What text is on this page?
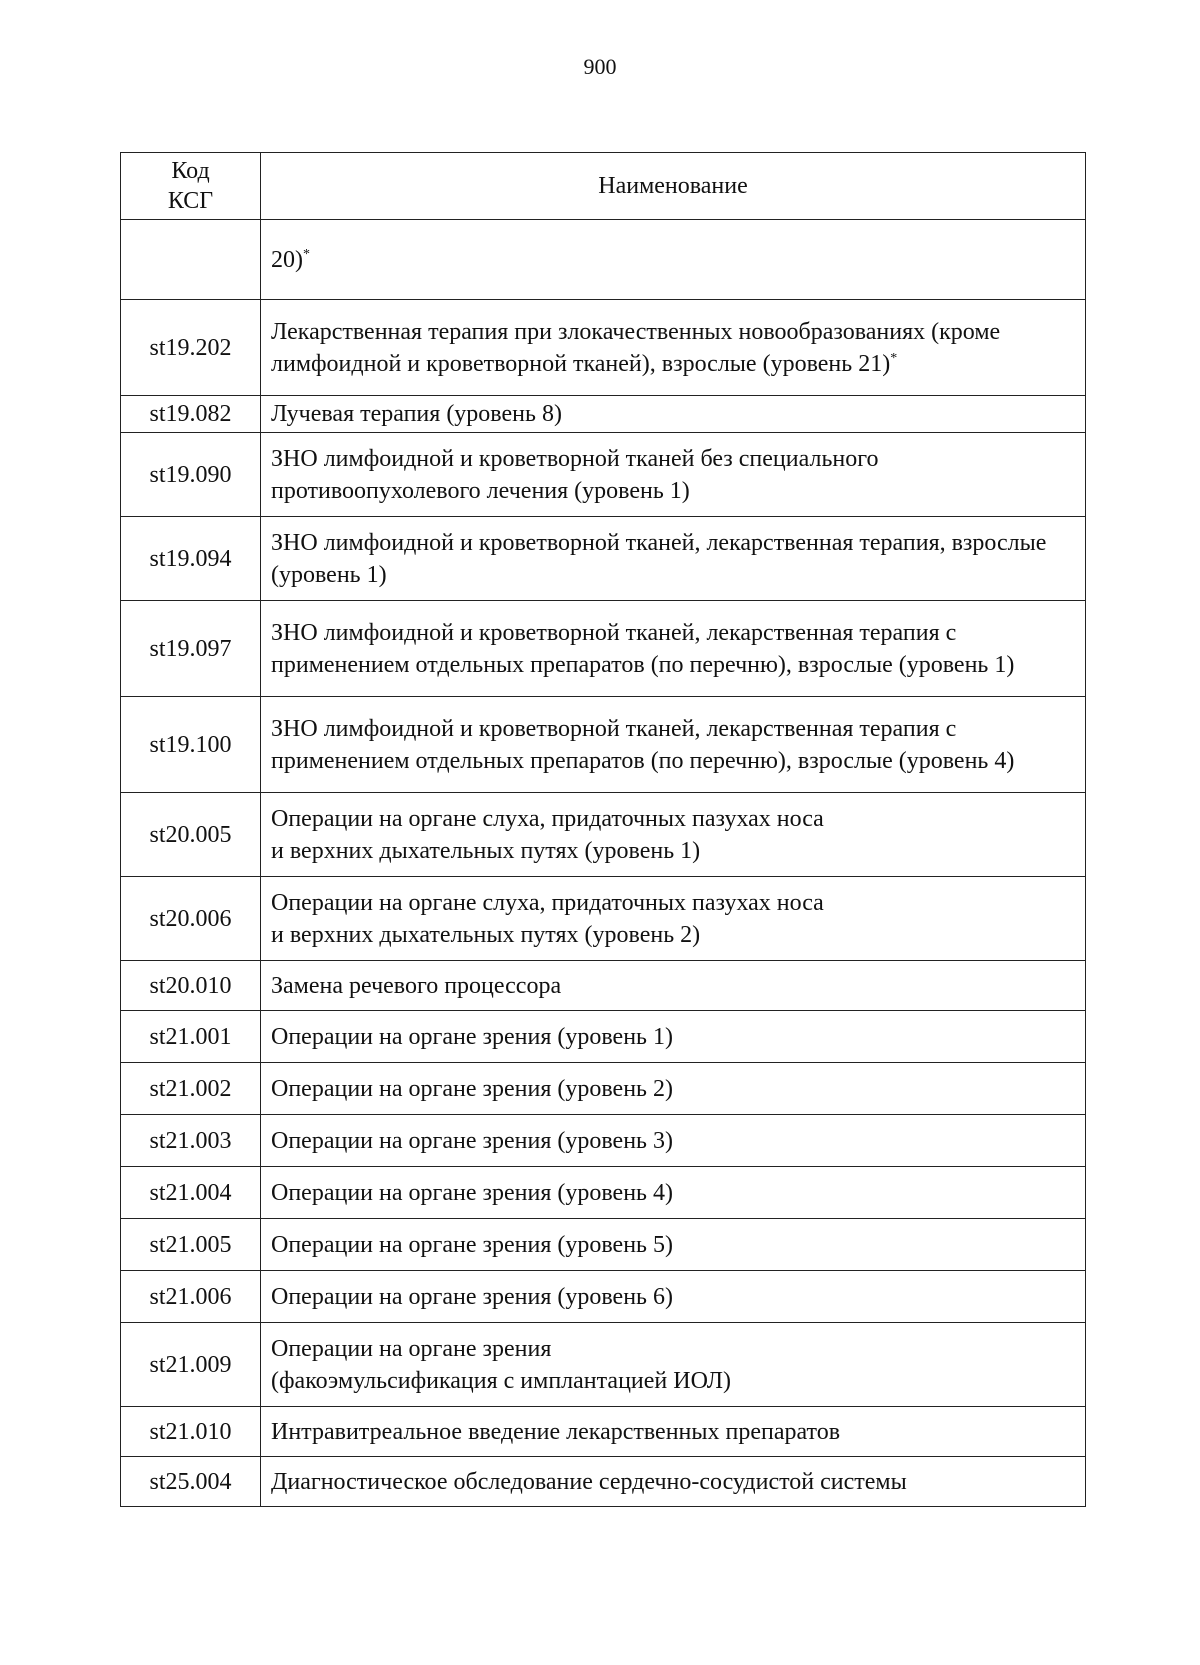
900
Код
КСГ	Наименование
	20)*
st19.202	Лекарственная терапия при злокачественных новообразованиях (кроме лимфоидной и кроветворной тканей), взрослые (уровень 21)*
st19.082	Лучевая терапия (уровень 8)
st19.090	ЗНО лимфоидной и кроветворной тканей без специального противоопухолевого лечения (уровень 1)
st19.094	ЗНО лимфоидной и кроветворной тканей, лекарственная терапия, взрослые (уровень 1)
st19.097	ЗНО лимфоидной и кроветворной тканей, лекарственная терапия с применением отдельных препаратов (по перечню), взрослые (уровень 1)
st19.100	ЗНО лимфоидной и кроветворной тканей, лекарственная терапия с применением отдельных препаратов (по перечню), взрослые (уровень 4)
st20.005	Операции на органе слуха, придаточных пазухах носа
и верхних дыхательных путях (уровень 1)
st20.006	Операции на органе слуха, придаточных пазухах носа
и верхних дыхательных путях (уровень 2)
st20.010	Замена речевого процессора
st21.001	Операции на органе зрения (уровень 1)
st21.002	Операции на органе зрения (уровень 2)
st21.003	Операции на органе зрения (уровень 3)
st21.004	Операции на органе зрения (уровень 4)
st21.005	Операции на органе зрения (уровень 5)
st21.006	Операции на органе зрения (уровень 6)
st21.009	Операции на органе зрения
(факоэмульсификация с имплантацией ИОЛ)
st21.010	Интравитреальное введение лекарственных препаратов
st25.004	Диагностическое обследование сердечно-сосудистой системы
